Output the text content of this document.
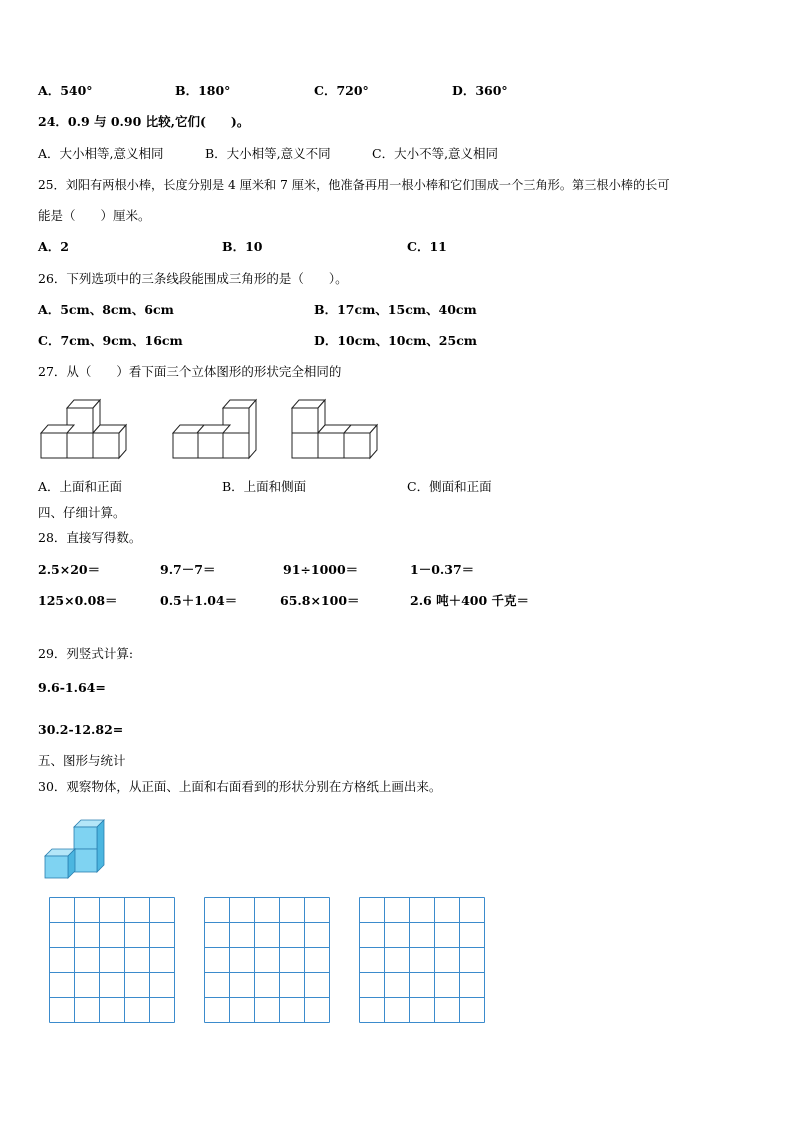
A．540°	B．180°	C．720°	D．360°
24．0.9 与 0.90 比较,它们(　　)。
A．大小相等,意义相同	B．大小相等,意义不同	C．大小不等,意义相同
25．刘阳有两根小棒，长度分别是 4 厘米和 7 厘米，他准备再用一根小棒和它们围成一个三角形。第三根小棒的长可
能是（　　）厘米。
A．2	B．10	C．11
26．下列选项中的三条线段能围成三角形的是（　　）。
A．5cm、8cm、6cm	B．17cm、15cm、40cm
C．7cm、9cm、16cm	D．10cm、10cm、25cm
27．从（　　）看下面三个立体图形的形状完全相同的
A．上面和正面	B．上面和侧面	C．侧面和正面
四、仔细计算。
28．直接写得数。
2.5×20＝	9.7－7＝	91÷1000＝	1－0.37＝
125×0.08＝	0.5＋1.04＝	65.8×100＝	2.6 吨＋400 千克＝
29．列竖式计算:
9.6-1.64=
30.2-12.82=
五、图形与统计
30．观察物体，从正面、上面和右面看到的形状分别在方格纸上画出来。
